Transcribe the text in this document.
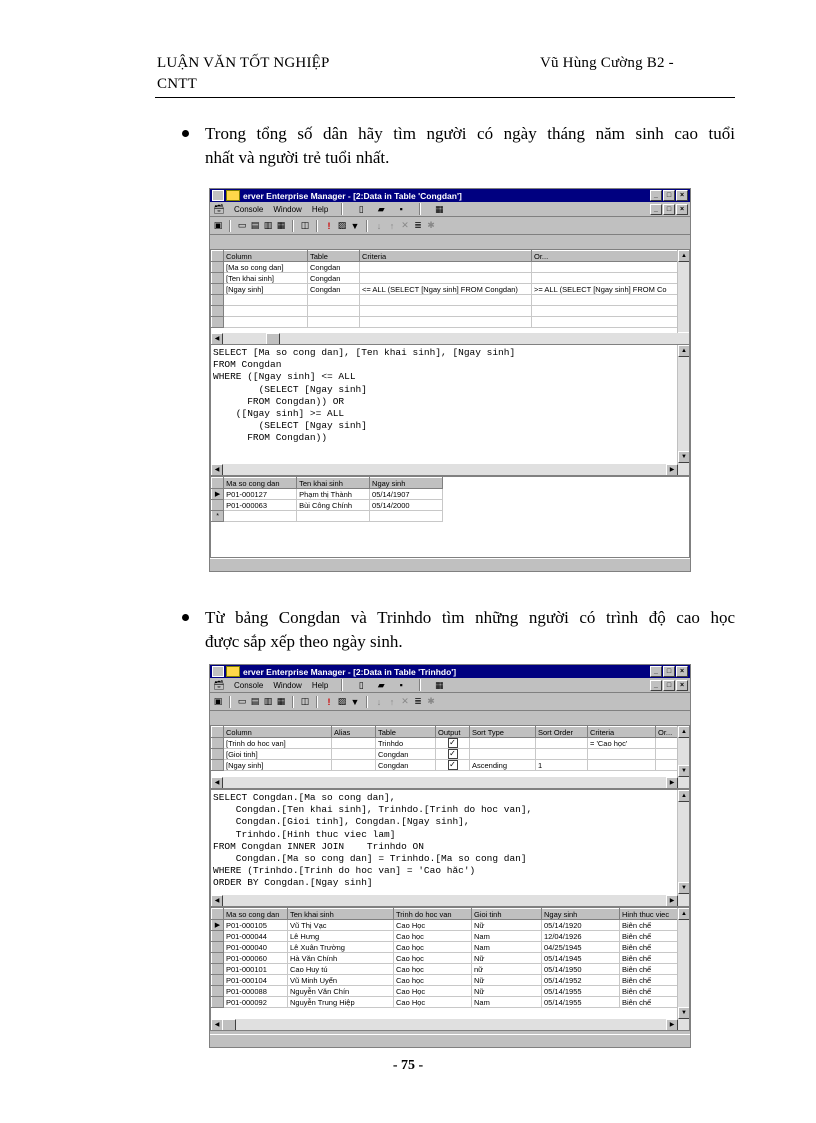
LUẬN VĂN TỐT NGHIỆP
CNTT
Vũ Hùng Cường B2 -
Trong tổng số dân hãy tìm người có ngày tháng năm sinh cao tuổi
nhất và người trẻ tuổi nhất.
erver Enterprise Manager - [2:Data in Table 'Congdan']	_	□	×
🗃 Console Window Help	▯ ▰	▪	▦	_	□	×
▣ ▭ ▤ ▥ ▦ ◫	! ▨ ▼	↓ ↑ ✕ ≣ ✱
	Column	Table	Criteria	Or...
	[Ma so cong dan]	Congdan		
	[Ten khai sinh]	Congdan		
	[Ngay sinh]	Congdan	<= ALL (SELECT [Ngay sinh] FROM Congdan)	>= ALL (SELECT [Ngay sinh] FROM Co

▲
◀
SELECT [Ma so cong dan], [Ten khai sinh], [Ngay sinh]
FROM Congdan
WHERE ([Ngay sinh] <= ALL
(SELECT [Ngay sinh]
FROM Congdan)) OR
([Ngay sinh] >= ALL
(SELECT [Ngay sinh]
FROM Congdan))
▲
▼
◀	▶
	Ma so cong dan	Ten khai sinh	Ngay sinh
▶	P01-000127	Phạm thị Thành	05/14/1907
	P01-000063	Bùi Công Chính	05/14/2000
*			
Từ bảng Congdan và Trinhdo tìm những người có trình độ cao học
được sắp xếp theo ngày sinh.
erver Enterprise Manager - [2:Data in Table 'Trinhdo']	_	□	×
🗃 Console Window Help	▯ ▰	▪	▦	_	□	×
▣ ▭ ▤ ▥ ▦ ◫	! ▨ ▼	↓ ↑ ✕ ≣ ✱
	Column	Alias	Table	Output	Sort Type	Sort Order	Criteria	Or...
	[Trinh do hoc van]		Trinhdo	✓			= 'Cao học'	
	[Gioi tinh]		Congdan	✓				
	[Ngay sinh]		Congdan	✓	Ascending	1		
▲
▼
◀	▶
SELECT Congdan.[Ma so cong dan],
Congdan.[Ten khai sinh], Trinhdo.[Trinh do hoc van],
Congdan.[Gioi tinh], Congdan.[Ngay sinh],
Trinhdo.[Hinh thuc viec lam]
FROM Congdan INNER JOIN    Trinhdo ON
Congdan.[Ma so cong dan] = Trinhdo.[Ma so cong dan]
WHERE (Trinhdo.[Trinh do hoc van] = 'Cao hăc')
ORDER BY Congdan.[Ngay sinh]
▲
▼
◀	▶
	Ma so cong dan	Ten khai sinh	Trinh do hoc van	Gioi tinh	Ngay sinh	Hinh thuc viec
▶	P01-000105	Vũ Thị Vạc	Cao Học	Nữ	05/14/1920	Biên chế
	P01-000044	Lê Hưng	Cao học	Nam	12/04/1926	Biên chế
	P01-000040	Lê Xuân Trường	Cao học	Nam	04/25/1945	Biên chế
	P01-000060	Hà Văn Chính	Cao học	Nữ	05/14/1945	Biên chế
	P01-000101	Cao Huy tú	Cao học	nữ	05/14/1950	Biên chế
	P01-000104	Vũ Minh Uyển	Cao học	Nữ	05/14/1952	Biên chế
	P01-000088	Nguyễn Văn Chín	Cao Học	Nữ	05/14/1955	Biên chế
	P01-000092	Nguyễn Trung Hiệp	Cao Học	Nam	05/14/1955	Biên chế
▲
▼
◀	▶
- 75 -
